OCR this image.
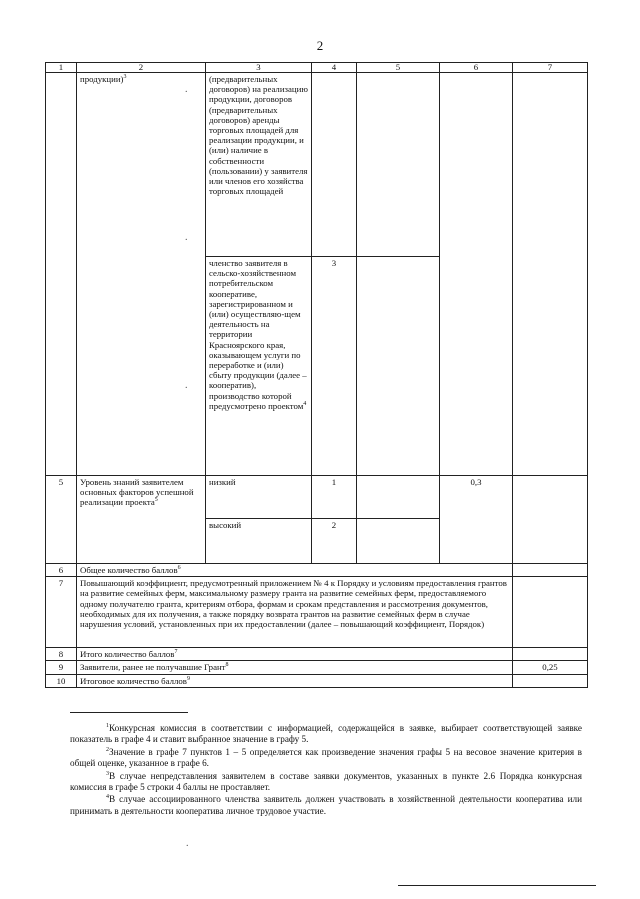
2
1	2	3	4	5	6	7
	продукции)$^3$	(предварительных договоров) на реализацию продукции, договоров (предварительных договоров) аренды торговых площадей для реализации продукции, и (или) наличие в собственности (пользовании) у заявителя или членов его хозяйства торговых площадей				
		членство заявителя в сельско-хозяйственном потребительском кооперативе, зарегистрированном и (или) осуществляю-щем деятельность на территории Красноярского края, оказывающем услуги по переработке и (или) сбыту продукции (далее – кооператив), производство которой предусмотрено проектом$^4$	3			
5	Уровень знаний заявителем основных факторов успешной реализации проекта$^5$	низкий	1		0,3	
		высокий	2			
6	Общее количество баллов$^6$	
7	Повышающий коэффициент, предусмотренный приложением № 4 к Порядку и условиям предоставления грантов на развитие семейных ферм, максимальному размеру гранта на развитие семейных ферм, предоставляемого одному получателю гранта, критериям отбора, формам и срокам представления и рассмотрения документов, необходимых для их получения, а также порядку возврата грантов на развитие семейных ферм в случае нарушения условий, установленных при их предоставлении (далее – повышающий коэффициент, Порядок)					
8	Итого количество баллов$^7$	
9	Заявители, ранее не получавшие Грант$^8$					0,25
10	Итоговое количество баллов$^9$	
.
.
.

$^1$Конкурсная комиссия в соответствии с информацией, содержащейся в заявке, выбирает соответствующей заявке показатель в графе 4 и ставит выбранное значение в графу 5.

$^2$Значение в графе 7 пунктов 1 – 5 определяется как произведение значения графы 5 на весовое значение критерия в общей оценке, указанное в графе 6.

$^3$В случае непредставления заявителем в составе заявки документов, указанных в пункте 2.6 Порядка конкурсная комиссия в графе 5 строки 4 баллы не проставляет.

$^4$В случае ассоциированного членства заявитель должен участвовать в хозяйственной деятельности кооператива или принимать в деятельности кооператива личное трудовое участие.

.
